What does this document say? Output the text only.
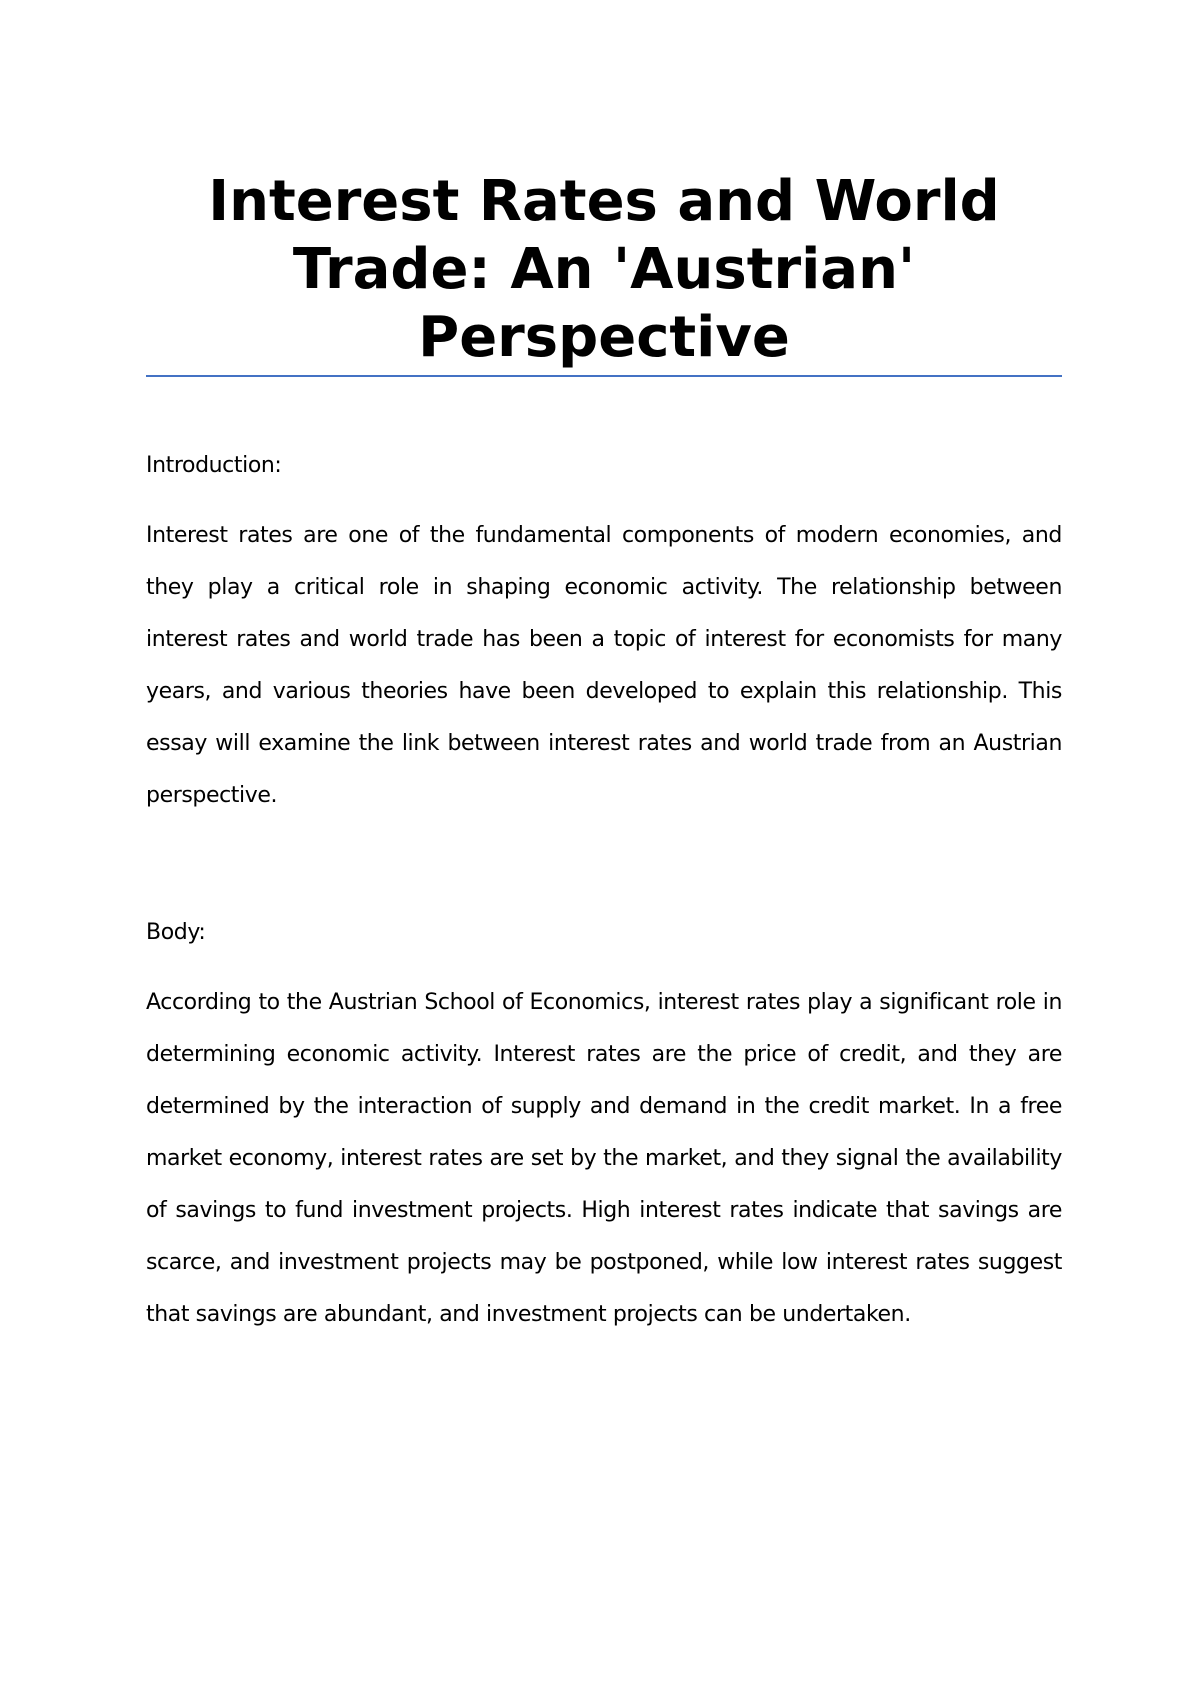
Interest Rates and World Trade: An 'Austrian' Perspective
Introduction:

Interest rates are one of the fundamental components of modern economies, and they play a critical role in shaping economic activity. The relationship between interest rates and world trade has been a topic of interest for economists for many years, and various theories have been developed to explain this relationship. This essay will examine the link between interest rates and world trade from an Austrian perspective.

Body:

According to the Austrian School of Economics, interest rates play a significant role in determining economic activity. Interest rates are the price of credit, and they are determined by the interaction of supply and demand in the credit market. In a free market economy, interest rates are set by the market, and they signal the availability of savings to fund investment projects. High interest rates indicate that savings are scarce, and investment projects may be postponed, while low interest rates suggest that savings are abundant, and investment projects can be undertaken.
